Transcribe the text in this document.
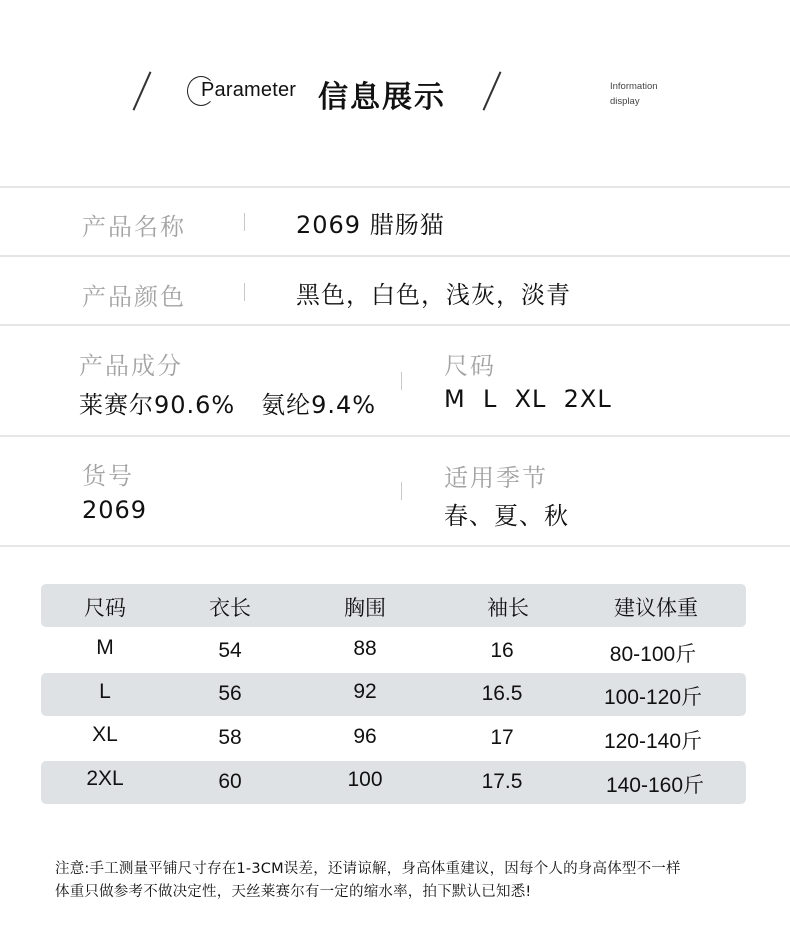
Parameter 信息展示	Information
display
产品名称	2069 腊肠猫
产品颜色	黑色，白色，浅灰，淡青
产品成分
莱赛尔90.6%   氨纶9.4%
尺码
M  L  XL  2XL
货号
2069
适用季节
春、夏、秋
尺码	衣长	胸围	袖长	建议体重
M	54	88	16	80-100斤
L	56	92	16.5	100-120斤
XL	58	96	17	120-140斤
2XL	60	100	17.5	140-160斤
注意:手工测量平铺尺寸存在1-3CM误差，还请谅解，身高体重建议，因每个人的身高体型不一样
体重只做参考不做决定性，天丝莱赛尔有一定的缩水率，拍下默认已知悉!
